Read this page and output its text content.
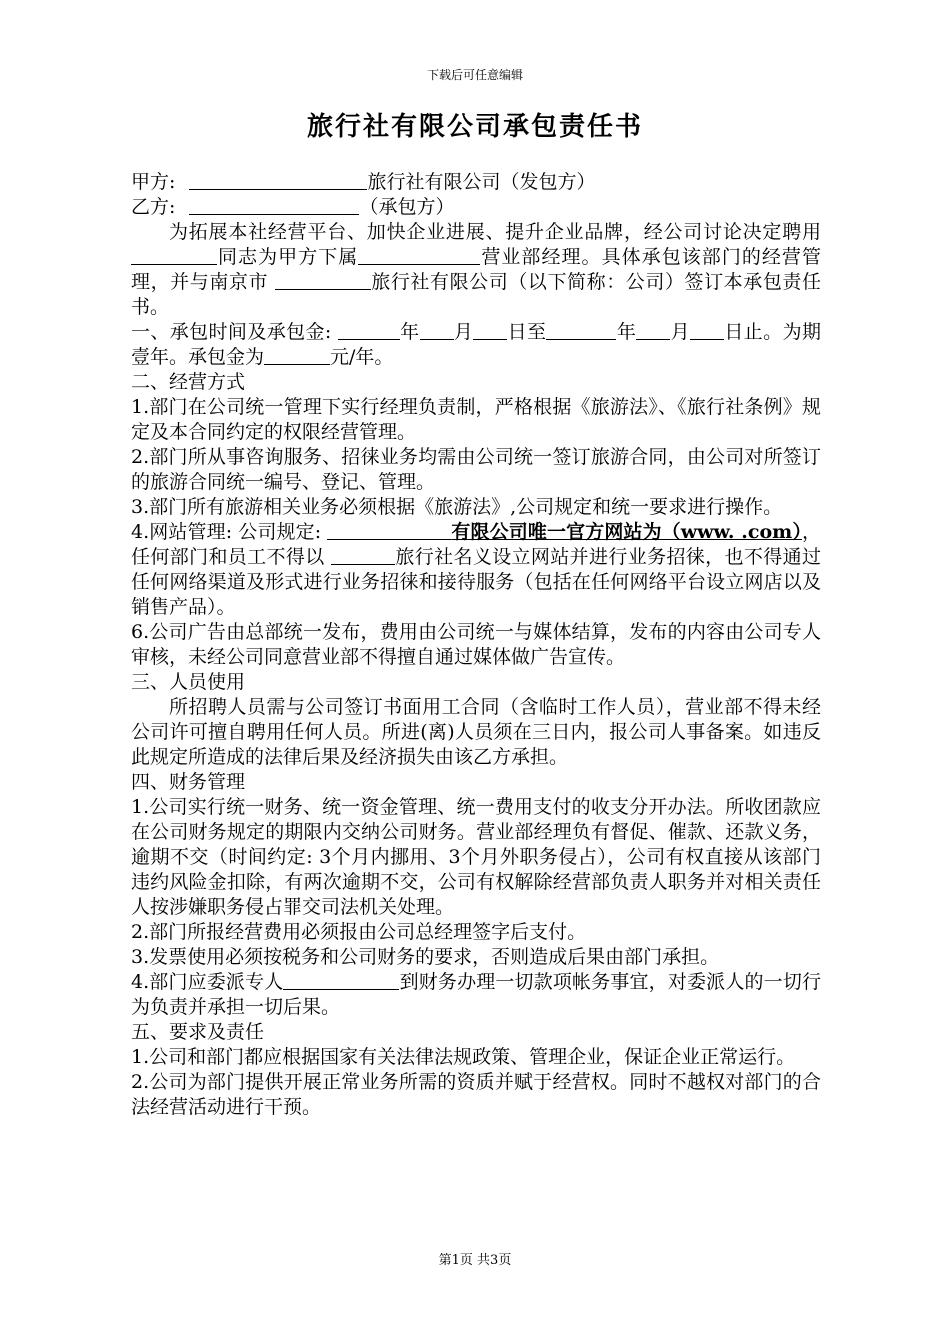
下载后可任意编辑
旅行社有限公司承包责任书

甲方:	旅行社有限公司（发包方）

乙方:	（承包方）

为拓展本社经营平台、加快企业进展、提升企业品牌，经公司讨论决定聘用同志为甲方下属	营业部经理。具体承包该部门的经营管理，并与南京市	旅行社有限公司（以下简称：公司）签订本承包责任书。

一、承包时间及承包金:	年 月 日至	年 月 日止。为期壹年。承包金为	元/年。

二、经营方式

1.部门在公司统一管理下实行经理负责制，严格根据《旅游法》、《旅行社条例》规定及本合同约定的权限经营管理。

2.部门所从事咨询服务、招徕业务均需由公司统一签订旅游合同，由公司对所签订的旅游合同统一编号、登记、管理。

3.部门所有旅游相关业务必须根据《旅游法》,公司规定和统一要求进行操作。

4.网站管理: 公司规定:	有限公司唯一官方网站为（www. .com），任何部门和员工不得以	旅行社名义设立网站并进行业务招徕，也不得通过任何网络渠道及形式进行业务招徕和接待服务（包括在任何网络平台设立网店以及销售产品）。

6.公司广告由总部统一发布，费用由公司统一与媒体结算，发布的内容由公司专人审核，未经公司同意营业部不得擅自通过媒体做广告宣传。

三、人员使用

所招聘人员需与公司签订书面用工合同（含临时工作人员），营业部不得未经公司许可擅自聘用任何人员。所进(离)人员须在三日内，报公司人事备案。如违反此规定所造成的法律后果及经济损失由该乙方承担。

四、财务管理

1.公司实行统一财务、统一资金管理、统一费用支付的收支分开办法。所收团款应在公司财务规定的期限内交纳公司财务。营业部经理负有督促、催款、还款义务，逾期不交（时间约定: 3个月内挪用、3个月外职务侵占），公司有权直接从该部门违约风险金扣除，有两次逾期不交，公司有权解除经营部负责人职务并对相关责任人按涉嫌职务侵占罪交司法机关处理。

2.部门所报经营费用必须报由公司总经理签字后支付。

3.发票使用必须按税务和公司财务的要求，否则造成后果由部门承担。

4.部门应委派专人	到财务办理一切款项帐务事宜，对委派人的一切行为负责并承担一切后果。

五、要求及责任

1.公司和部门都应根据国家有关法律法规政策、管理企业，保证企业正常运行。

2.公司为部门提供开展正常业务所需的资质并赋于经营权。同时不越权对部门的合法经营活动进行干预。

第1页 共3页
